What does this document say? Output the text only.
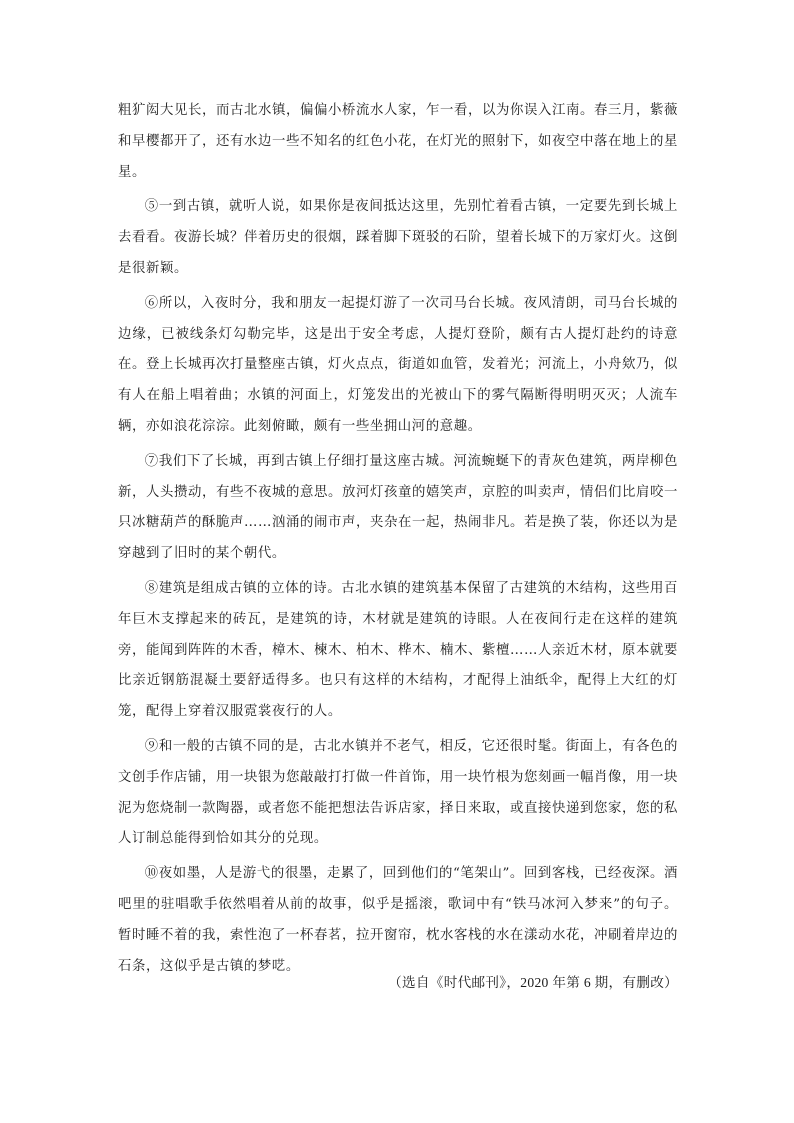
粗犷闳大见长，而古北水镇，偏偏小桥流水人家，乍一看，以为你误入江南。春三月，紫薇和早樱都开了，还有水边一些不知名的红色小花，在灯光的照射下，如夜空中落在地上的星星。

⑤一到古镇，就听人说，如果你是夜间抵达这里，先别忙着看古镇，一定要先到长城上去看看。夜游长城？伴着历史的很烟，踩着脚下斑驳的石阶，望着长城下的万家灯火。这倒是很新颖。

⑥所以，入夜时分，我和朋友一起提灯游了一次司马台长城。夜风清朗，司马台长城的边缘，已被线条灯勾勒完毕，这是出于安全考虑，人提灯登阶，颇有古人提灯赴约的诗意在。登上长城再次打量整座古镇，灯火点点，街道如血管，发着光；河流上，小舟欸乃，似有人在船上唱着曲；水镇的河面上，灯笼发出的光被山下的雾气隔断得明明灭灭；人流车辆，亦如浪花淙淙。此刻俯瞰，颇有一些坐拥山河的意趣。

⑦我们下了长城，再到古镇上仔细打量这座古城。河流蜿蜒下的青灰色建筑，两岸柳色新，人头攒动，有些不夜城的意思。放河灯孩童的嬉笑声，京腔的叫卖声，情侣们比肩咬一只冰糖葫芦的酥脆声……汹涌的闹市声，夹杂在一起，热闹非凡。若是换了装，你还以为是穿越到了旧时的某个朝代。

⑧建筑是组成古镇的立体的诗。古北水镇的建筑基本保留了古建筑的木结构，这些用百年巨木支撑起来的砖瓦，是建筑的诗，木材就是建筑的诗眼。人在夜间行走在这样的建筑旁，能闻到阵阵的木香，樟木、楝木、柏木、桦木、楠木、紫檀……人亲近木材，原本就要比亲近钢筋混凝土要舒适得多。也只有这样的木结构，才配得上油纸伞，配得上大红的灯笼，配得上穿着汉服霓裳夜行的人。

⑨和一般的古镇不同的是，古北水镇并不老气，相反，它还很时髦。街面上，有各色的文创手作店铺，用一块银为您敲敲打打做一件首饰，用一块竹根为您刻画一幅肖像，用一块泥为您烧制一款陶器，或者您不能把想法告诉店家，择日来取，或直接快递到您家，您的私人订制总能得到恰如其分的兑现。

⑩夜如墨，人是游弋的很墨，走累了，回到他们的“笔架山”。回到客栈，已经夜深。酒吧里的驻唱歌手依然唱着从前的故事，似乎是摇滚，歌词中有“铁马冰河入梦来”的句子。暂时睡不着的我，索性泡了一杯春茗，拉开窗帘，枕水客栈的水在漾动水花，冲刷着岸边的石条，这似乎是古镇的梦呓。

（选自《时代邮刊》，2020 年第 6 期，有删改）
